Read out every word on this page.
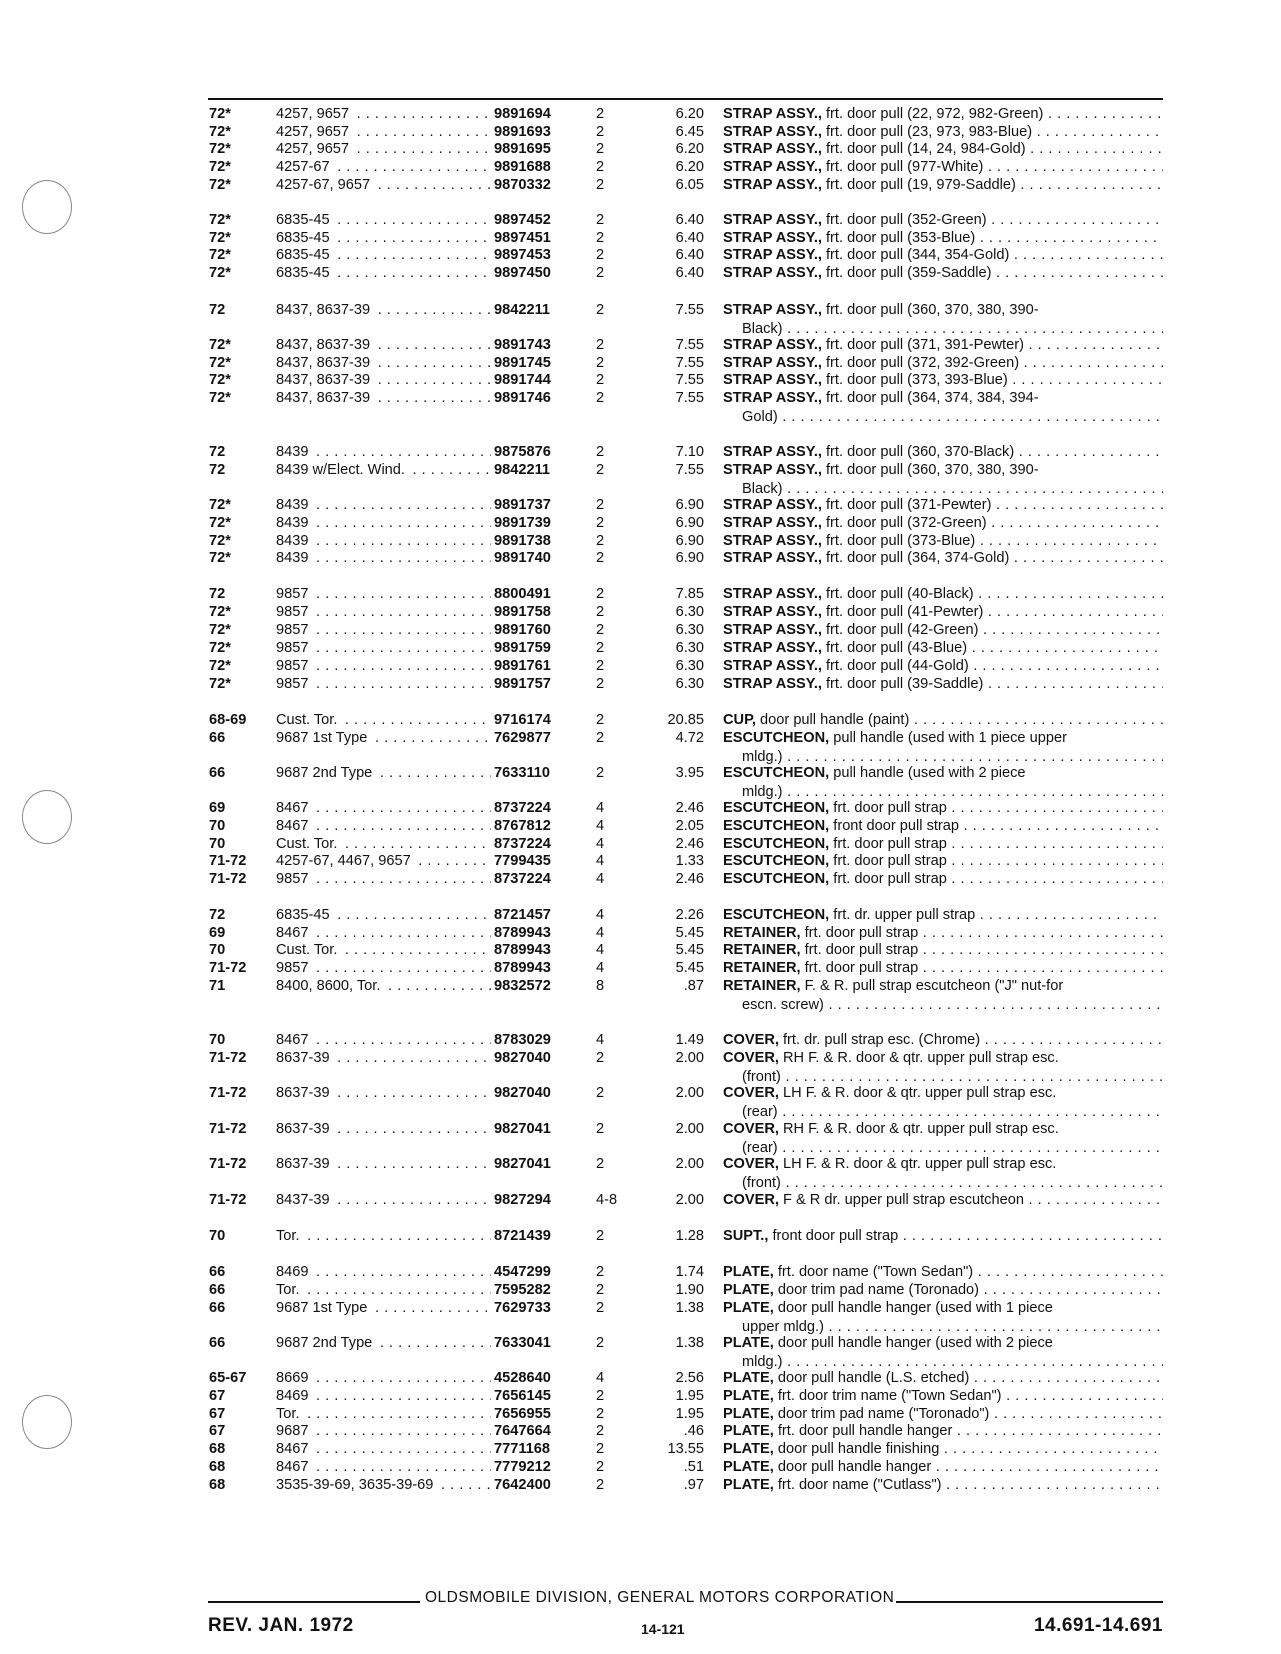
72*	4257, 9657 . . .	9891694	2	6.20 STRAP ASSY., frt. door pull (22, 972, 982-Green) . . .
72*	4257, 9657 . . .	9891693	2	6.45 STRAP ASSY., frt. door pull (23, 973, 983-Blue) . . .
72*	4257, 9657 . . .	9891695	2	6.20 STRAP ASSY., frt. door pull (14, 24, 984-Gold) . . .
72*	4257-67 . . .	9891688	2	6.20 STRAP ASSY., frt. door pull (977-White) . . .
72*	4257-67, 9657 . . .	9870332	2	6.05 STRAP ASSY., frt. door pull (19, 979-Saddle) . . .
72*	6835-45 . . .	9897452	2	6.40 STRAP ASSY., frt. door pull (352-Green) . . .
72*	6835-45 . . .	9897451	2	6.40 STRAP ASSY., frt. door pull (353-Blue) . . .
72*	6835-45 . . .	9897453	2	6.40 STRAP ASSY., frt. door pull (344, 354-Gold) . . .
72*	6835-45 . . .	9897450	2	6.40 STRAP ASSY., frt. door pull (359-Saddle) . . .
72	8437, 8637-39 . . .	9842211	2	7.55 STRAP ASSY., frt. door pull (360, 370, 380, 390-
Black) . . .
72*	8437, 8637-39 . . .	9891743	2	7.55 STRAP ASSY., frt. door pull (371, 391-Pewter) . . .
72*	8437, 8637-39 . . .	9891745	2	7.55 STRAP ASSY., frt. door pull (372, 392-Green) . . .
72*	8437, 8637-39 . . .	9891744	2	7.55 STRAP ASSY., frt. door pull (373, 393-Blue) . . .
72*	8437, 8637-39 . . .	9891746	2	7.55 STRAP ASSY., frt. door pull (364, 374, 384, 394-
Gold) . . .
72	8439 . . .	9875876	2	7.10 STRAP ASSY., frt. door pull (360, 370-Black) . . .
72	8439 w/Elect. Wind. . . .	9842211	2	7.55 STRAP ASSY., frt. door pull (360, 370, 380, 390-
Black) . . .
72*	8439 . . .	9891737	2	6.90 STRAP ASSY., frt. door pull (371-Pewter) . . .
72*	8439 . . .	9891739	2	6.90 STRAP ASSY., frt. door pull (372-Green) . . .
72*	8439 . . .	9891738	2	6.90 STRAP ASSY., frt. door pull (373-Blue) . . .
72*	8439 . . .	9891740	2	6.90 STRAP ASSY., frt. door pull (364, 374-Gold) . . .
72	9857 . . .	8800491	2	7.85 STRAP ASSY., frt. door pull (40-Black) . . .
72*	9857 . . .	9891758	2	6.30 STRAP ASSY., frt. door pull (41-Pewter) . . .
72*	9857 . . .	9891760	2	6.30 STRAP ASSY., frt. door pull (42-Green) . . .
72*	9857 . . .	9891759	2	6.30 STRAP ASSY., frt. door pull (43-Blue) . . .
72*	9857 . . .	9891761	2	6.30 STRAP ASSY., frt. door pull (44-Gold) . . .
72*	9857 . . .	9891757	2	6.30 STRAP ASSY., frt. door pull (39-Saddle) . . .
68-69	Cust. Tor. . . .	9716174	2	20.85 CUP, door pull handle (paint) . . .
66	9687 1st Type . . .	7629877	2	4.72 ESCUTCHEON, pull handle (used with 1 piece upper
mldg.) . . .
66	9687 2nd Type . . .	7633110	2	3.95 ESCUTCHEON, pull handle (used with 2 piece
mldg.) . . .
69	8467 . . .	8737224	4	2.46 ESCUTCHEON, frt. door pull strap . . .
70	8467 . . .	8767812	4	2.05 ESCUTCHEON, front door pull strap . . .
70	Cust. Tor. . . .	8737224	4	2.46 ESCUTCHEON, frt. door pull strap . . .
71-72	4257-67, 4467, 9657 . . .	7799435	4	1.33 ESCUTCHEON, frt. door pull strap . . .
71-72	9857 . . .	8737224	4	2.46 ESCUTCHEON, frt. door pull strap . . .
72	6835-45 . . .	8721457	4	2.26 ESCUTCHEON, frt. dr. upper pull strap . . .
69	8467 . . .	8789943	4	5.45 RETAINER, frt. door pull strap . . .
70	Cust. Tor. . . .	8789943	4	5.45 RETAINER, frt. door pull strap . . .
71-72	9857 . . .	8789943	4	5.45 RETAINER, frt. door pull strap . . .
71	8400, 8600, Tor. . . .	9832572	8	.87 RETAINER, F. & R. pull strap escutcheon ("J" nut-for
escn. screw) . . .
70	8467 . . .	8783029	4	1.49 COVER, frt. dr. pull strap esc. (Chrome) . . .
71-72	8637-39 . . .	9827040	2	2.00 COVER, RH F. & R. door & qtr. upper pull strap esc.
(front) . . .
71-72	8637-39 . . .	9827040	2	2.00 COVER, LH F. & R. door & qtr. upper pull strap esc.
(rear) . . .
71-72	8637-39 . . .	9827041	2	2.00 COVER, RH F. & R. door & qtr. upper pull strap esc.
(rear) . . .
71-72	8637-39 . . .	9827041	2	2.00 COVER, LH F. & R. door & qtr. upper pull strap esc.
(front) . . .
71-72	8437-39 . . .	9827294	4-8	2.00 COVER, F & R dr. upper pull strap escutcheon . . .
70	Tor. . . .	8721439	2	1.28 SUPT., front door pull strap . . .
66	8469 . . .	4547299	2	1.74 PLATE, frt. door name ("Town Sedan") . . .
66	Tor. . . .	7595282	2	1.90 PLATE, door trim pad name (Toronado) . . .
66	9687 1st Type . . .	7629733	2	1.38 PLATE, door pull handle hanger (used with 1 piece
upper mldg.) . . .
66	9687 2nd Type . . .	7633041	2	1.38 PLATE, door pull handle hanger (used with 2 piece
mldg.) . . .
65-67	8669 . . .	4528640	4	2.56 PLATE, door pull handle (L.S. etched) . . .
67	8469 . . .	7656145	2	1.95 PLATE, frt. door trim name ("Town Sedan") . . .
67	Tor. . . .	7656955	2	1.95 PLATE, door trim pad name ("Toronado") . . .
67	9687 . . .	7647664	2	.46 PLATE, frt. door pull handle hanger . . .
68	8467 . . .	7771168	2	13.55 PLATE, door pull handle finishing . . .
68	8467 . . .	7779212	2	.51 PLATE, door pull handle hanger . . .
68	3535-39-69, 3635-39-69 . . .	7642400	2	.97 PLATE, frt. door name ("Cutlass") . . .
OLDSMOBILE DIVISION, GENERAL MOTORS CORPORATION
REV. JAN. 1972	14-121	14.691-14.691
